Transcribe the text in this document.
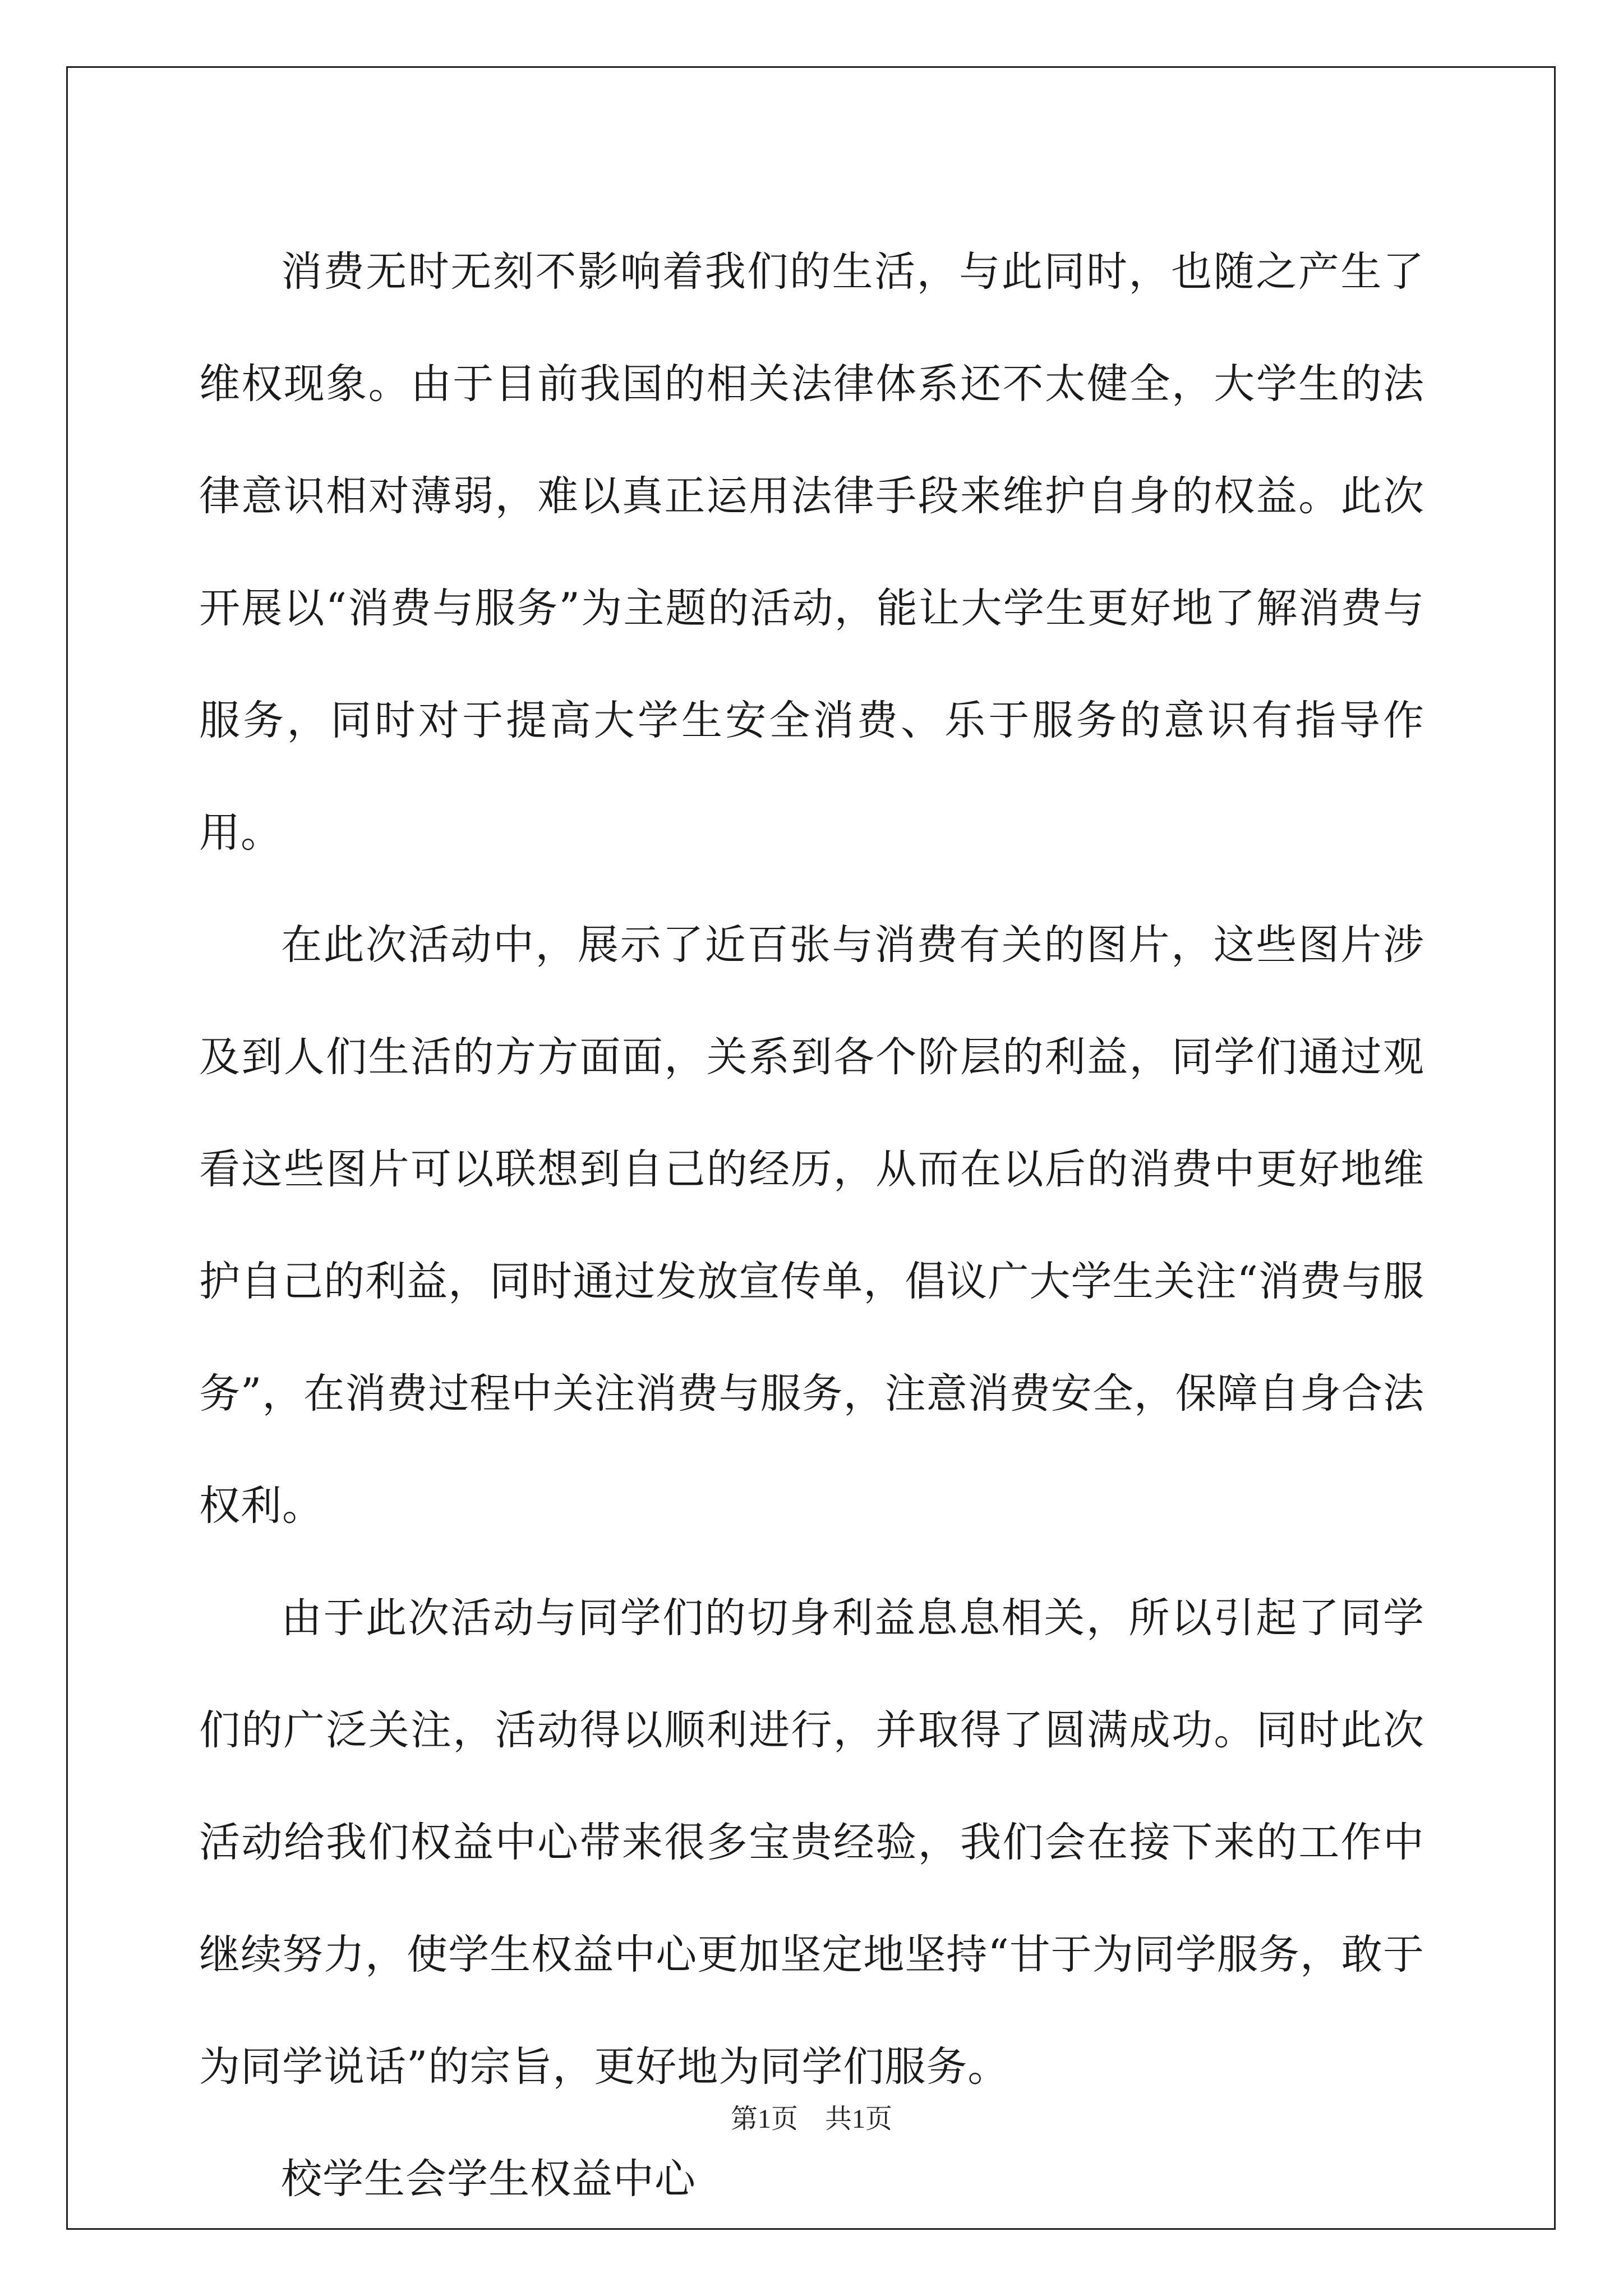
消费无时无刻不影响着我们的生活，与此同时，也随之产生了维权现象。由于目前我国的相关法律体系还不太健全，大学生的法律意识相对薄弱，难以真正运用法律手段来维护自身的权益。此次开展以“消费与服务”为主题的活动，能让大学生更好地了解消费与服务，同时对于提高大学生安全消费、乐于服务的意识有指导作用。

在此次活动中，展示了近百张与消费有关的图片，这些图片涉及到人们生活的方方面面，关系到各个阶层的利益，同学们通过观看这些图片可以联想到自己的经历，从而在以后的消费中更好地维护自己的利益，同时通过发放宣传单，倡议广大学生关注“消费与服务”，在消费过程中关注消费与服务，注意消费安全，保障自身合法权利。

由于此次活动与同学们的切身利益息息相关，所以引起了同学们的广泛关注，活动得以顺利进行，并取得了圆满成功。同时此次活动给我们权益中心带来很多宝贵经验，我们会在接下来的工作中继续努力，使学生权益中心更加坚定地坚持“甘于为同学服务，敢于为同学说话”的宗旨，更好地为同学们服务。

校学生会学生权益中心

第1页 共1页
